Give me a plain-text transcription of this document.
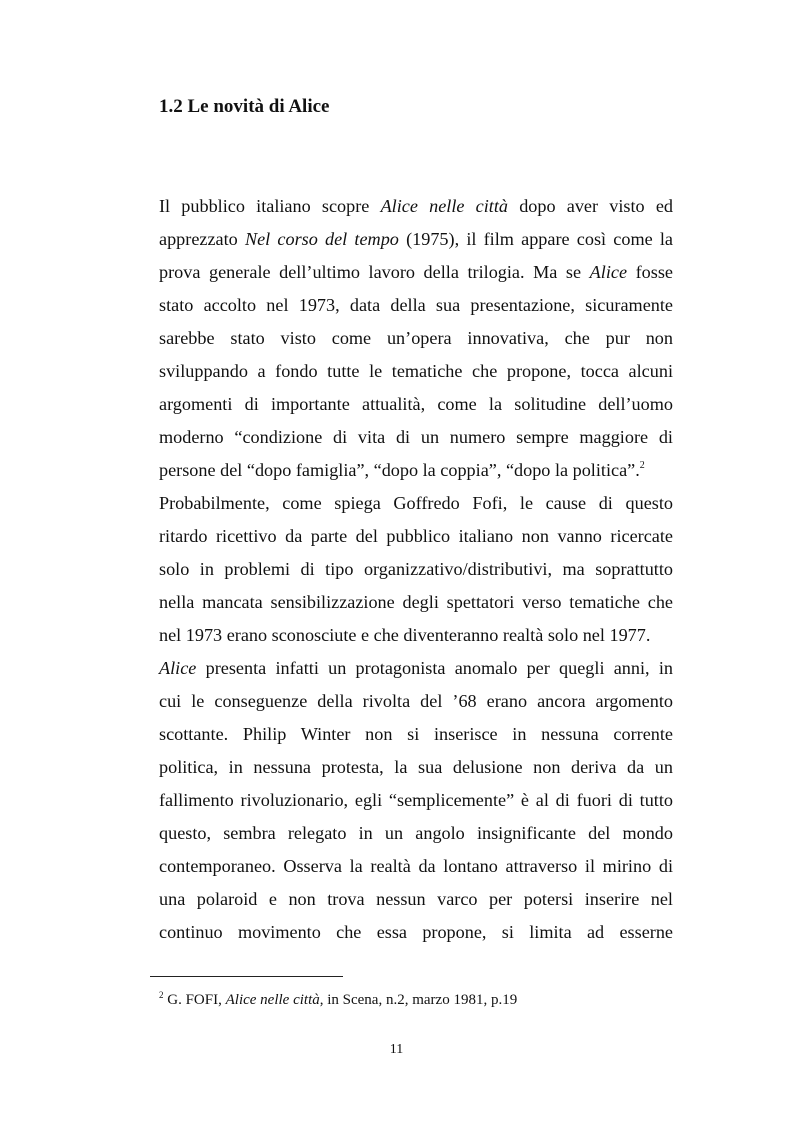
1.2 Le novità di Alice
Il pubblico italiano scopre Alice nelle città dopo aver visto ed
apprezzato Nel corso del tempo (1975), il film appare così come la
prova generale dell’ultimo lavoro della trilogia. Ma se Alice fosse
stato accolto nel 1973, data della sua presentazione, sicuramente
sarebbe stato visto come un’opera innovativa, che pur non
sviluppando a fondo tutte le tematiche che propone, tocca alcuni
argomenti di importante attualità, come la solitudine dell’uomo
moderno “condizione di vita di un numero sempre maggiore di
persone del “dopo famiglia”, “dopo la coppia”, “dopo la politica”.$^2$
Probabilmente, come spiega Goffredo Fofi, le cause di questo
ritardo ricettivo da parte del pubblico italiano non vanno ricercate
solo in problemi di tipo organizzativo/distributivi, ma soprattutto
nella mancata sensibilizzazione degli spettatori verso tematiche che
nel 1973 erano sconosciute e che diventeranno realtà solo nel 1977.
Alice presenta infatti un protagonista anomalo per quegli anni, in
cui le conseguenze della rivolta del ’68 erano ancora argomento
scottante. Philip Winter non si inserisce in nessuna corrente
politica, in nessuna protesta, la sua delusione non deriva da un
fallimento rivoluzionario, egli “semplicemente” è al di fuori di tutto
questo, sembra relegato in un angolo insignificante del mondo
contemporaneo. Osserva la realtà da lontano attraverso il mirino di
una polaroid e non trova nessun varco per potersi inserire nel
continuo movimento che essa propone, si limita ad esserne
$^2$ G. FOFI, Alice nelle città, in Scena, n.2, marzo 1981, p.19
11
